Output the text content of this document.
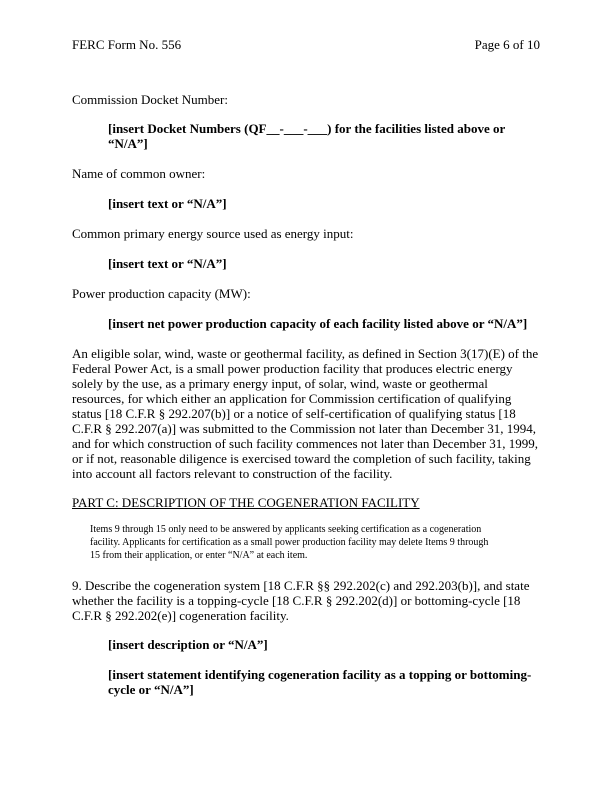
FERC Form No. 556	Page 6 of 10
Commission Docket Number:
[insert Docket Numbers (QF__-___-___) for the facilities listed above or
“N/A”]
Name of common owner:
[insert text or “N/A”]
Common primary energy source used as energy input:
[insert text or “N/A”]
Power production capacity (MW):
[insert net power production capacity of each facility listed above or “N/A”]
An eligible solar, wind, waste or geothermal facility, as defined in Section 3(17)(E) of the
Federal Power Act, is a small power production facility that produces electric energy
solely by the use, as a primary energy input, of solar, wind, waste or geothermal
resources, for which either an application for Commission certification of qualifying
status [18 C.F.R § 292.207(b)] or a notice of self-certification of qualifying status [18
C.F.R § 292.207(a)] was submitted to the Commission not later than December 31, 1994,
and for which construction of such facility commences not later than December 31, 1999,
or if not, reasonable diligence is exercised toward the completion of such facility, taking
into account all factors relevant to construction of the facility.
PART C: DESCRIPTION OF THE COGENERATION FACILITY
Items 9 through 15 only need to be answered by applicants seeking certification as a cogeneration
facility. Applicants for certification as a small power production facility may delete Items 9 through
15 from their application, or enter “N/A” at each item.
9. Describe the cogeneration system [18 C.F.R §§ 292.202(c) and 292.203(b)], and state
whether the facility is a topping-cycle [18 C.F.R § 292.202(d)] or bottoming-cycle [18
C.F.R § 292.202(e)] cogeneration facility.
[insert description or “N/A”]
[insert statement identifying cogeneration facility as a topping or bottoming-
cycle or “N/A”]
